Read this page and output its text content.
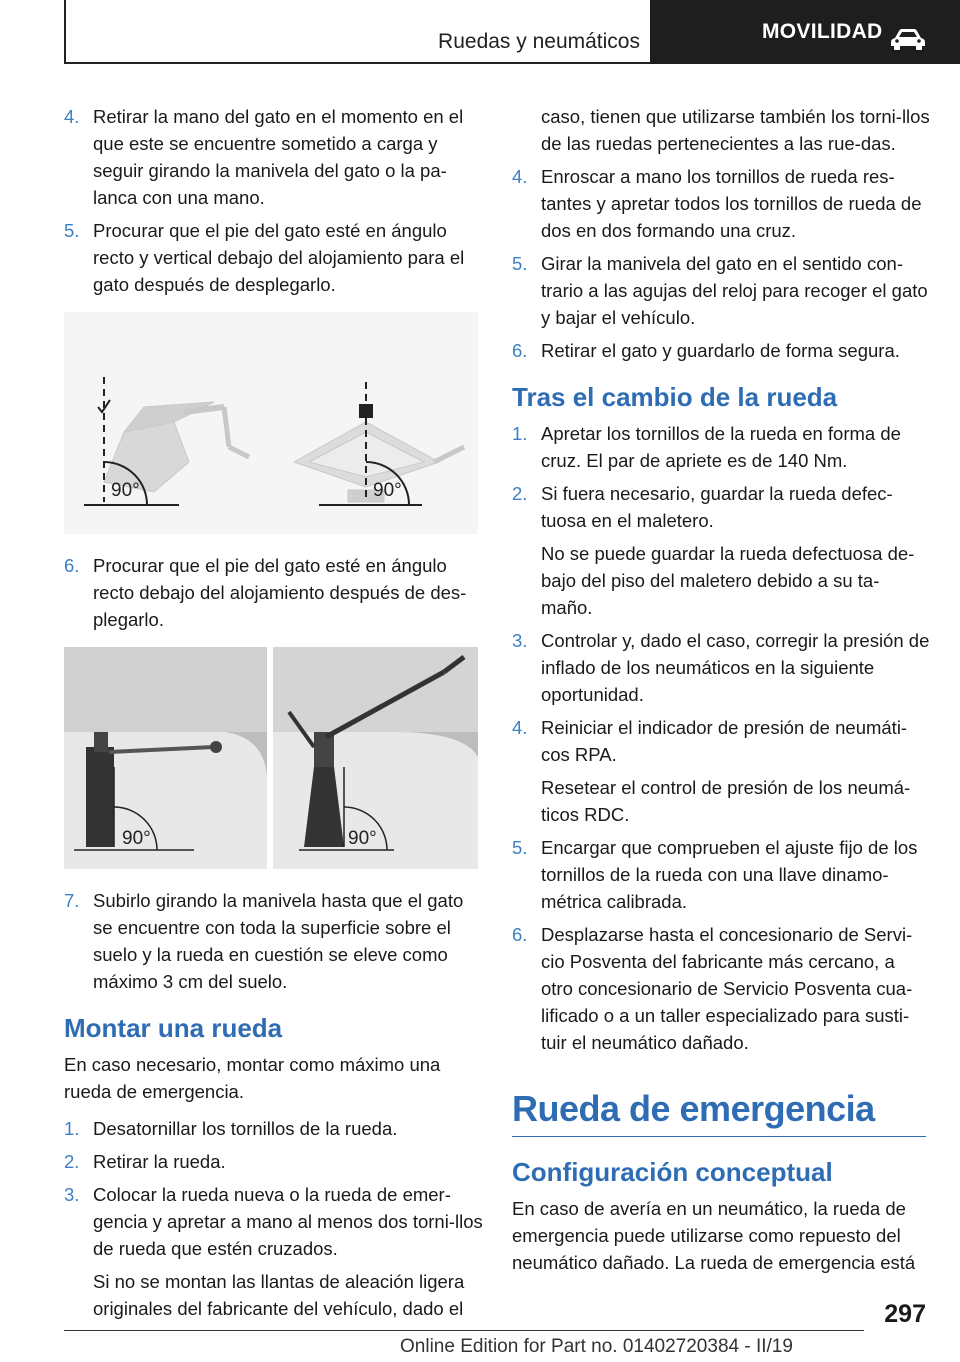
Ruedas y neumáticos	MOVILIDAD
4. Retirar la mano del gato en el momento en el que este se encuentre sometido a carga y seguir girando la manivela del gato o la pa-lanca con una mano.
5. Procurar que el pie del gato esté en ángulo recto y vertical debajo del alojamiento para el gato después de desplegarlo.
90°	90°
6. Procurar que el pie del gato esté en ángulo recto debajo del alojamiento después de des-plegarlo.
90°	90°
7. Subirlo girando la manivela hasta que el gato se encuentre con toda la superficie sobre el suelo y la rueda en cuestión se eleve como máximo 3 cm del suelo.
Montar una rueda
En caso necesario, montar como máximo una rueda de emergencia.
1. Desatornillar los tornillos de la rueda.
2. Retirar la rueda.
3. Colocar la rueda nueva o la rueda de emer-gencia y apretar a mano al menos dos torni-llos de rueda que estén cruzados.
Si no se montan las llantas de aleación ligera originales del fabricante del vehículo, dado el
caso, tienen que utilizarse también los torni-llos de las ruedas pertenecientes a las rue-das.
4. Enroscar a mano los tornillos de rueda res-tantes y apretar todos los tornillos de rueda de dos en dos formando una cruz.
5. Girar la manivela del gato en el sentido con-trario a las agujas del reloj para recoger el gato y bajar el vehículo.
6. Retirar el gato y guardarlo de forma segura.
Tras el cambio de la rueda
1. Apretar los tornillos de la rueda en forma de cruz. El par de apriete es de 140 Nm.
2. Si fuera necesario, guardar la rueda defec-tuosa en el maletero.
No se puede guardar la rueda defectuosa de-bajo del piso del maletero debido a su ta-maño.
3. Controlar y, dado el caso, corregir la presión de inflado de los neumáticos en la siguiente oportunidad.
4. Reiniciar el indicador de presión de neumáti-cos RPA.
Resetear el control de presión de los neumá-ticos RDC.
5. Encargar que comprueben el ajuste fijo de los tornillos de la rueda con una llave dinamo-métrica calibrada.
6. Desplazarse hasta el concesionario de Servi-cio Posventa del fabricante más cercano, a otro concesionario de Servicio Posventa cua-lificado o a un taller especializado para susti-tuir el neumático dañado.
Rueda de emergencia
Configuración conceptual
En caso de avería en un neumático, la rueda de emergencia puede utilizarse como repuesto del neumático dañado. La rueda de emergencia está
297
Online Edition for Part no. 01402720384 - II/19
